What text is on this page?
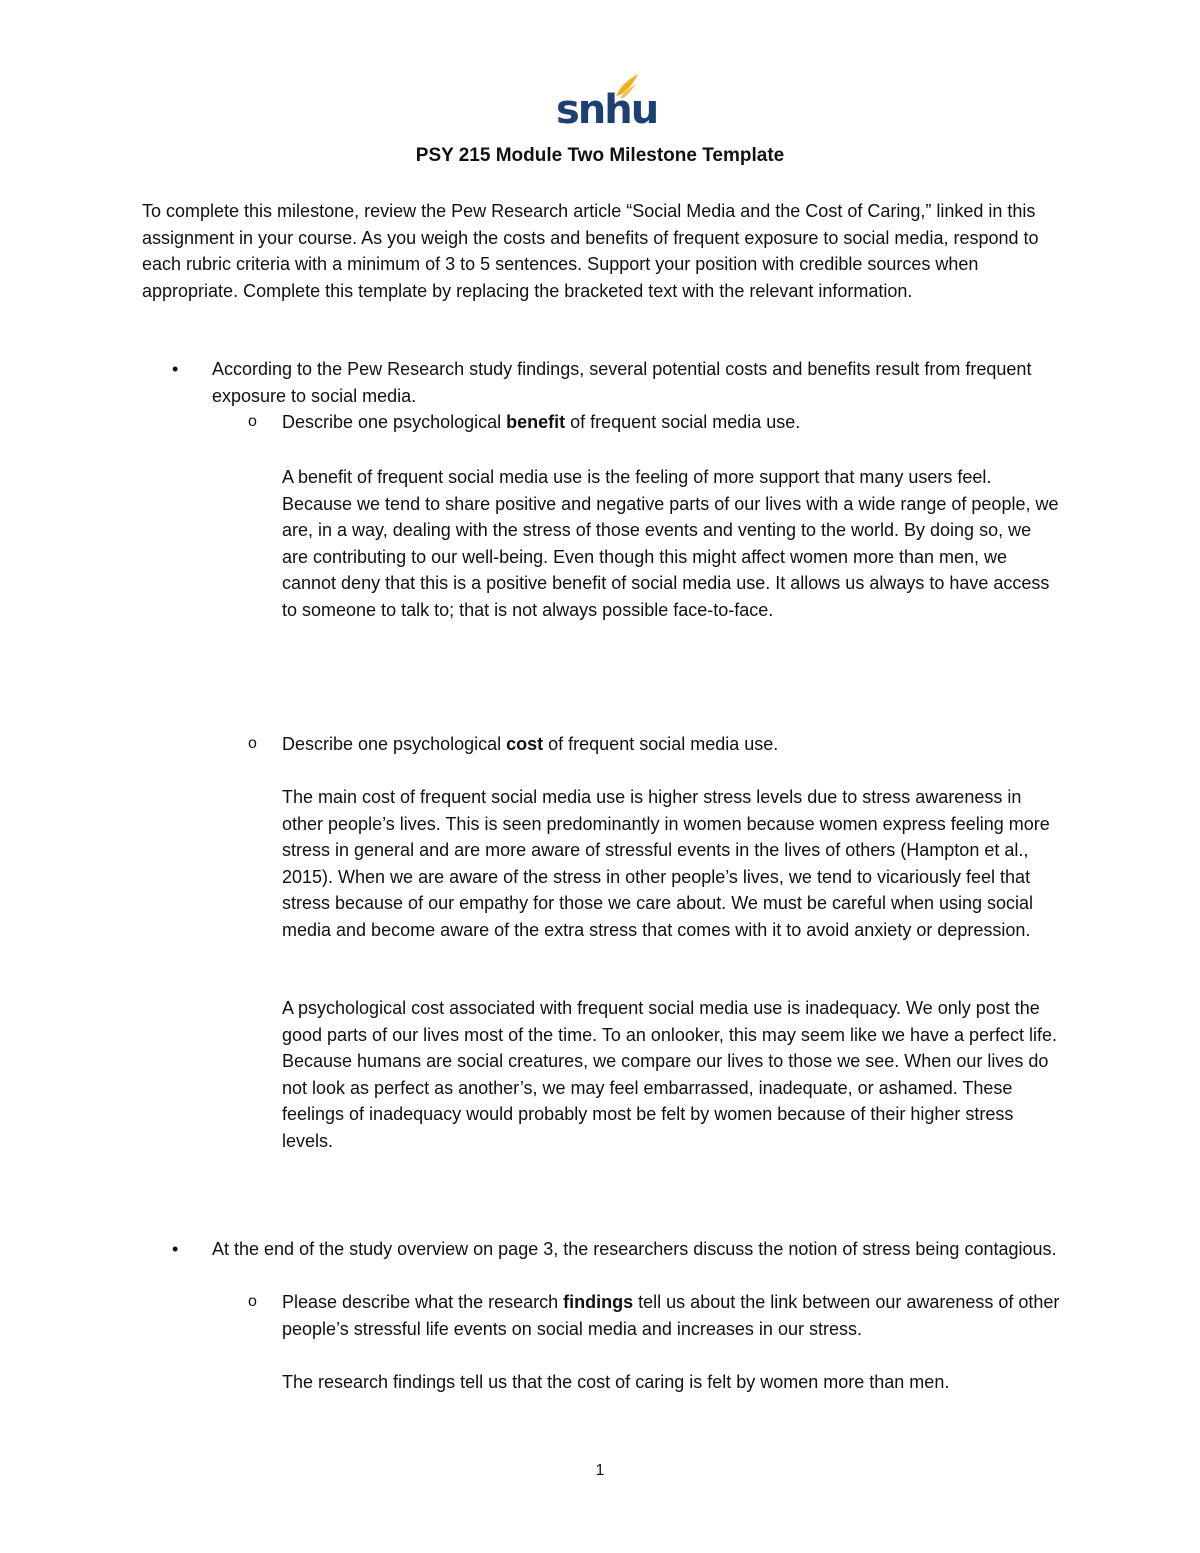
snhu
PSY 215 Module Two Milestone Template
To complete this milestone, review the Pew Research article “Social Media and the Cost of Caring,” linked in this assignment in your course. As you weigh the costs and benefits of frequent exposure to social media, respond to each rubric criteria with a minimum of 3 to 5 sentences. Support your position with credible sources when appropriate. Complete this template by replacing the bracketed text with the relevant information.
• According to the Pew Research study findings, several potential costs and benefits result from frequent exposure to social media.
o Describe one psychological benefit of frequent social media use.
A benefit of frequent social media use is the feeling of more support that many users feel. Because we tend to share positive and negative parts of our lives with a wide range of people, we are, in a way, dealing with the stress of those events and venting to the world. By doing so, we are contributing to our well-being. Even though this might affect women more than men, we cannot deny that this is a positive benefit of social media use. It allows us always to have access to someone to talk to; that is not always possible face-to-face.
o Describe one psychological cost of frequent social media use.
The main cost of frequent social media use is higher stress levels due to stress awareness in other people’s lives. This is seen predominantly in women because women express feeling more stress in general and are more aware of stressful events in the lives of others (Hampton et al., 2015). When we are aware of the stress in other people’s lives, we tend to vicariously feel that stress because of our empathy for those we care about. We must be careful when using social media and become aware of the extra stress that comes with it to avoid anxiety or depression.
A psychological cost associated with frequent social media use is inadequacy. We only post the good parts of our lives most of the time. To an onlooker, this may seem like we have a perfect life. Because humans are social creatures, we compare our lives to those we see. When our lives do not look as perfect as another’s, we may feel embarrassed, inadequate, or ashamed. These feelings of inadequacy would probably most be felt by women because of their higher stress levels.
• At the end of the study overview on page 3, the researchers discuss the notion of stress being contagious.
o Please describe what the research findings tell us about the link between our awareness of other people’s stressful life events on social media and increases in our stress.
The research findings tell us that the cost of caring is felt by women more than men.
1
